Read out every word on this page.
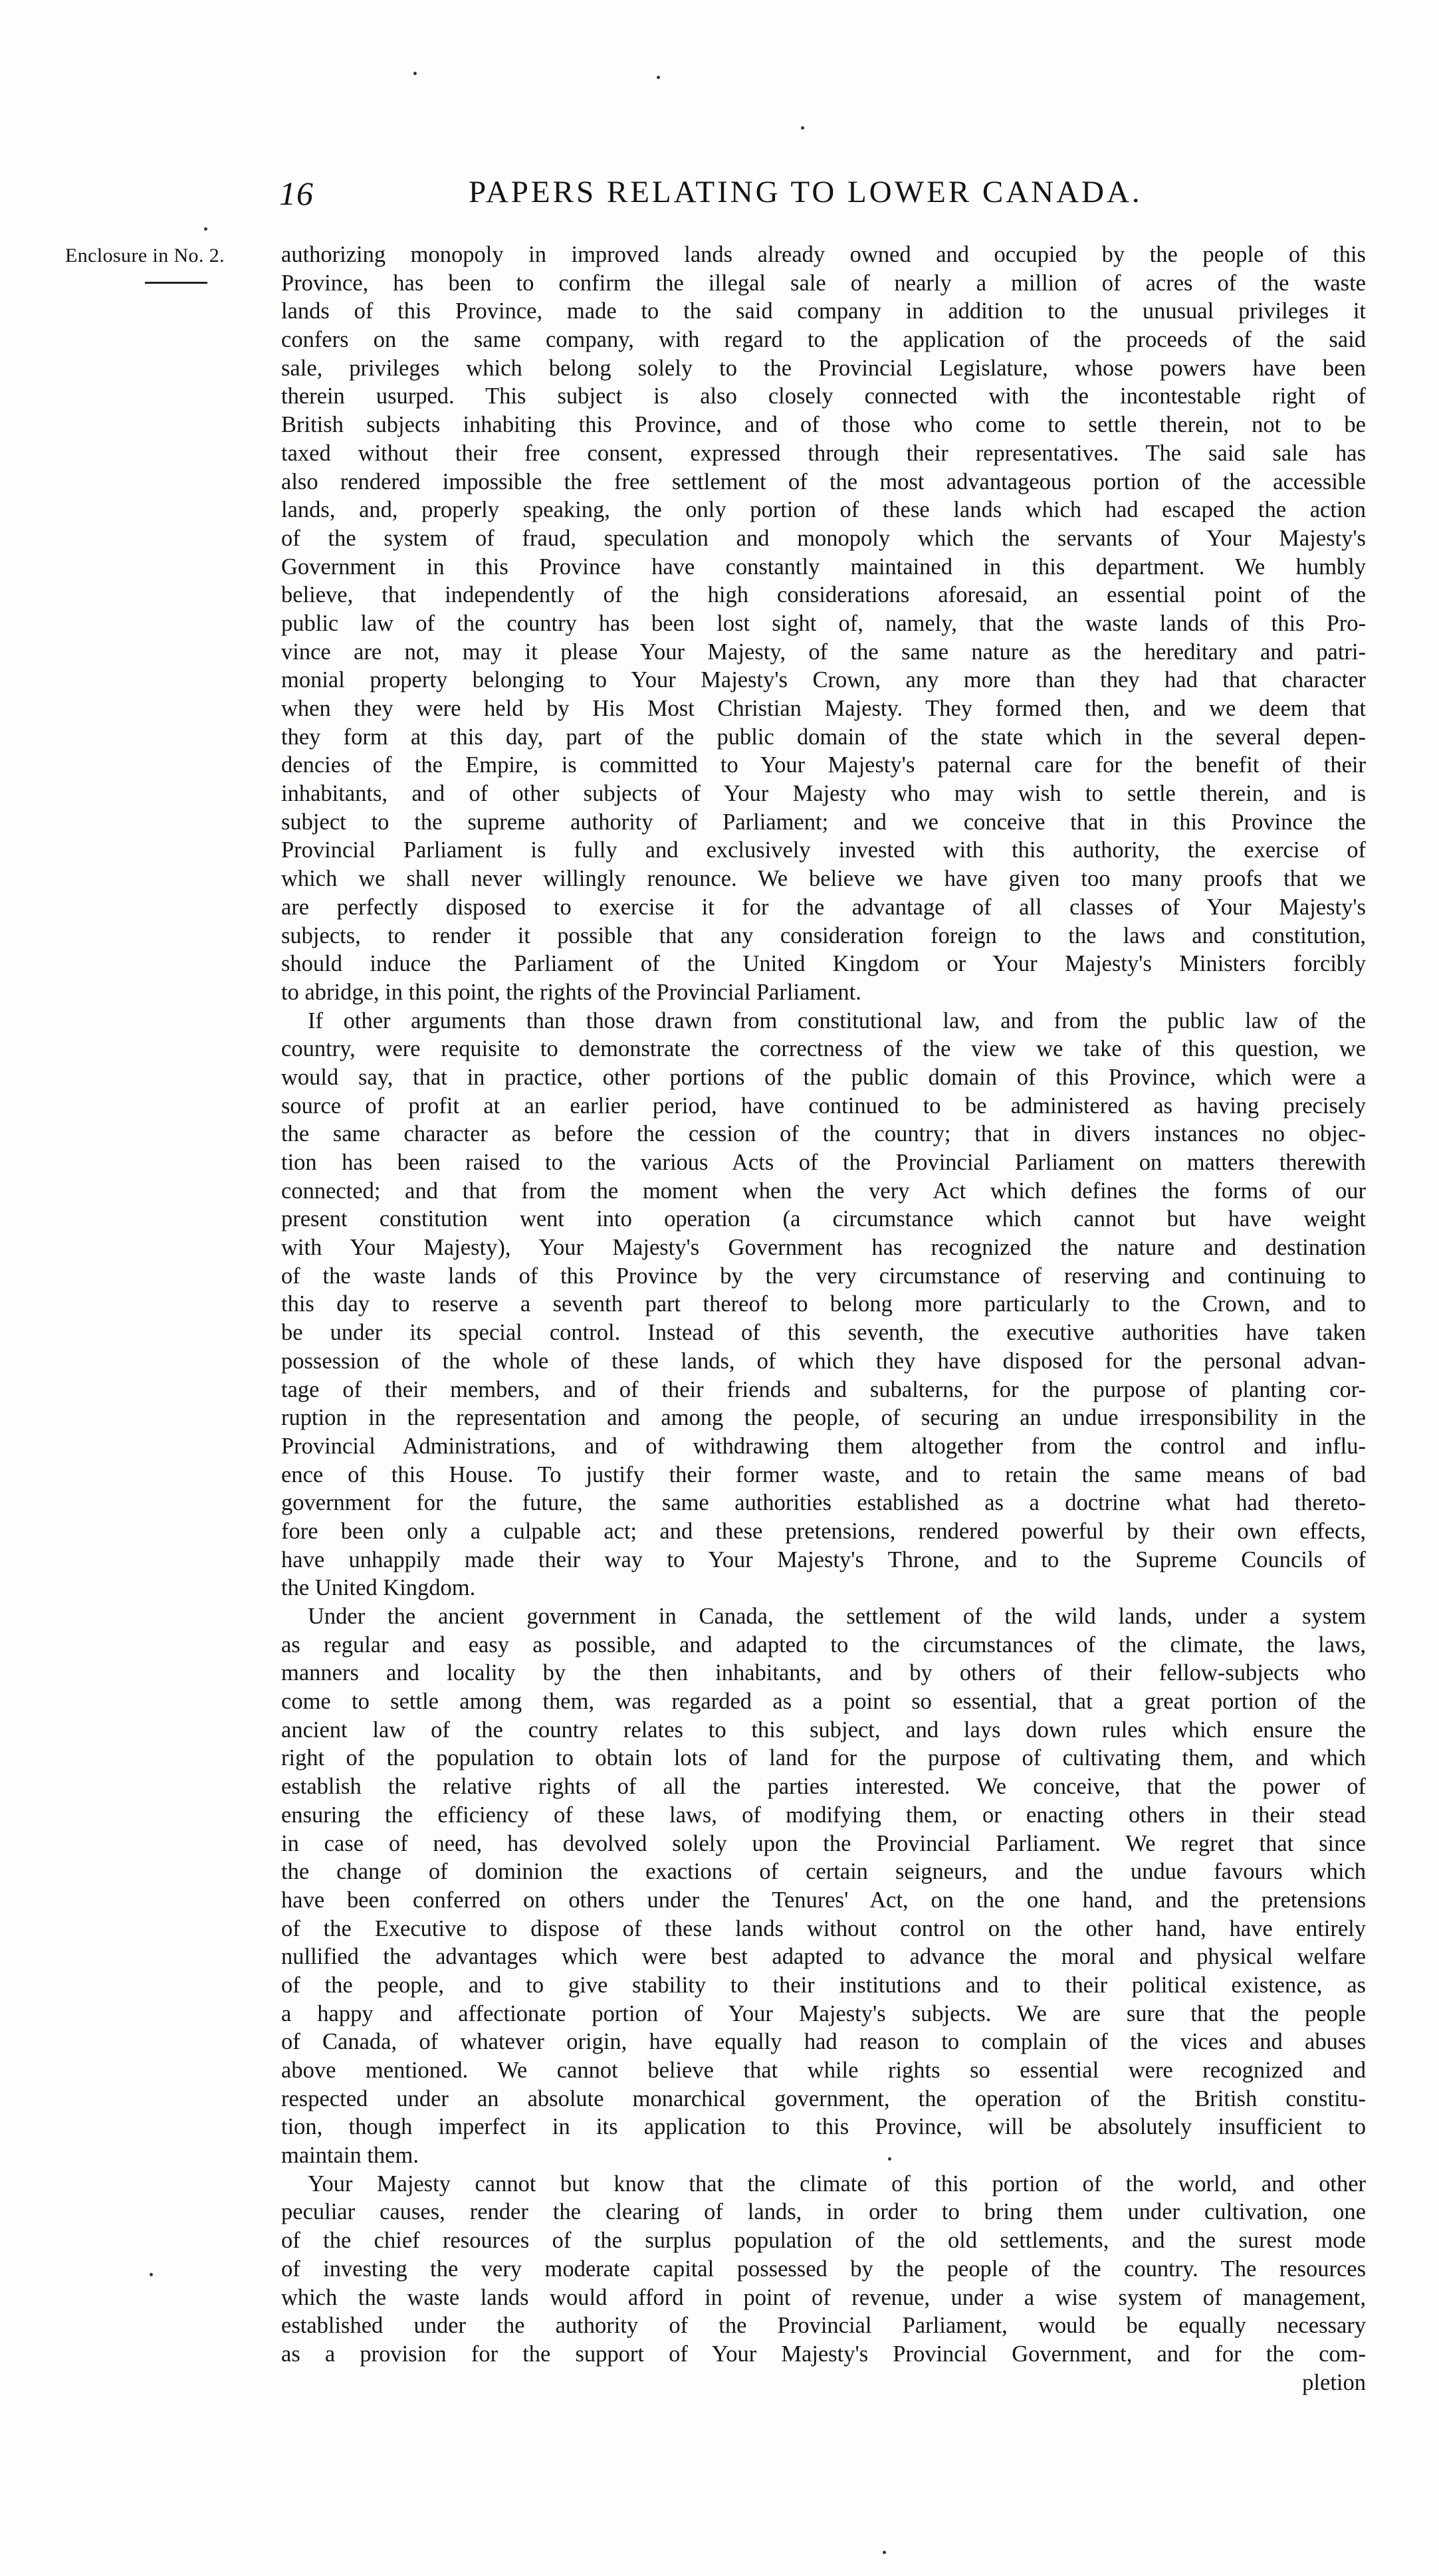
16	PAPERS RELATING TO LOWER CANADA.
Enclosure in No. 2.	authorizing monopoly in improved lands already owned and occupied by the people of this
Province, has been to confirm the illegal sale of nearly a million of acres of the waste
lands of this Province, made to the said company in addition to the unusual privileges it
confers on the same company, with regard to the application of the proceeds of the said
sale, privileges which belong solely to the Provincial Legislature, whose powers have been
therein usurped. This subject is also closely connected with the incontestable right of
British subjects inhabiting this Province, and of those who come to settle therein, not to be
taxed without their free consent, expressed through their representatives. The said sale has
also rendered impossible the free settlement of the most advantageous portion of the accessible
lands, and, properly speaking, the only portion of these lands which had escaped the action
of the system of fraud, speculation and monopoly which the servants of Your Majesty's
Government in this Province have constantly maintained in this department. We humbly
believe, that independently of the high considerations aforesaid, an essential point of the
public law of the country has been lost sight of, namely, that the waste lands of this Pro-
vince are not, may it please Your Majesty, of the same nature as the hereditary and patri-
monial property belonging to Your Majesty's Crown, any more than they had that character
when they were held by His Most Christian Majesty. They formed then, and we deem that
they form at this day, part of the public domain of the state which in the several depen-
dencies of the Empire, is committed to Your Majesty's paternal care for the benefit of their
inhabitants, and of other subjects of Your Majesty who may wish to settle therein, and is
subject to the supreme authority of Parliament; and we conceive that in this Province the
Provincial Parliament is fully and exclusively invested with this authority, the exercise of
which we shall never willingly renounce. We believe we have given too many proofs that we
are perfectly disposed to exercise it for the advantage of all classes of Your Majesty's
subjects, to render it possible that any consideration foreign to the laws and constitution,
should induce the Parliament of the United Kingdom or Your Majesty's Ministers forcibly
to abridge, in this point, the rights of the Provincial Parliament.
If other arguments than those drawn from constitutional law, and from the public law of the
country, were requisite to demonstrate the correctness of the view we take of this question, we
would say, that in practice, other portions of the public domain of this Province, which were a
source of profit at an earlier period, have continued to be administered as having precisely
the same character as before the cession of the country; that in divers instances no objec-
tion has been raised to the various Acts of the Provincial Parliament on matters therewith
connected; and that from the moment when the very Act which defines the forms of our
present constitution went into operation (a circumstance which cannot but have weight
with Your Majesty), Your Majesty's Government has recognized the nature and destination
of the waste lands of this Province by the very circumstance of reserving and continuing to
this day to reserve a seventh part thereof to belong more particularly to the Crown, and to
be under its special control. Instead of this seventh, the executive authorities have taken
possession of the whole of these lands, of which they have disposed for the personal advan-
tage of their members, and of their friends and subalterns, for the purpose of planting cor-
ruption in the representation and among the people, of securing an undue irresponsibility in the
Provincial Administrations, and of withdrawing them altogether from the control and influ-
ence of this House. To justify their former waste, and to retain the same means of bad
government for the future, the same authorities established as a doctrine what had thereto-
fore been only a culpable act; and these pretensions, rendered powerful by their own effects,
have unhappily made their way to Your Majesty's Throne, and to the Supreme Councils of
the United Kingdom.
Under the ancient government in Canada, the settlement of the wild lands, under a system
as regular and easy as possible, and adapted to the circumstances of the climate, the laws,
manners and locality by the then inhabitants, and by others of their fellow-subjects who
come to settle among them, was regarded as a point so essential, that a great portion of the
ancient law of the country relates to this subject, and lays down rules which ensure the
right of the population to obtain lots of land for the purpose of cultivating them, and which
establish the relative rights of all the parties interested. We conceive, that the power of
ensuring the efficiency of these laws, of modifying them, or enacting others in their stead
in case of need, has devolved solely upon the Provincial Parliament. We regret that since
the change of dominion the exactions of certain seigneurs, and the undue favours which
have been conferred on others under the Tenures' Act, on the one hand, and the pretensions
of the Executive to dispose of these lands without control on the other hand, have entirely
nullified the advantages which were best adapted to advance the moral and physical welfare
of the people, and to give stability to their institutions and to their political existence, as
a happy and affectionate portion of Your Majesty's subjects. We are sure that the people
of Canada, of whatever origin, have equally had reason to complain of the vices and abuses
above mentioned. We cannot believe that while rights so essential were recognized and
respected under an absolute monarchical government, the operation of the British constitu-
tion, though imperfect in its application to this Province, will be absolutely insufficient to
maintain them.
Your Majesty cannot but know that the climate of this portion of the world, and other
peculiar causes, render the clearing of lands, in order to bring them under cultivation, one
of the chief resources of the surplus population of the old settlements, and the surest mode
of investing the very moderate capital possessed by the people of the country. The resources
which the waste lands would afford in point of revenue, under a wise system of management,
established under the authority of the Provincial Parliament, would be equally necessary
as a provision for the support of Your Majesty's Provincial Government, and for the com-
pletion
